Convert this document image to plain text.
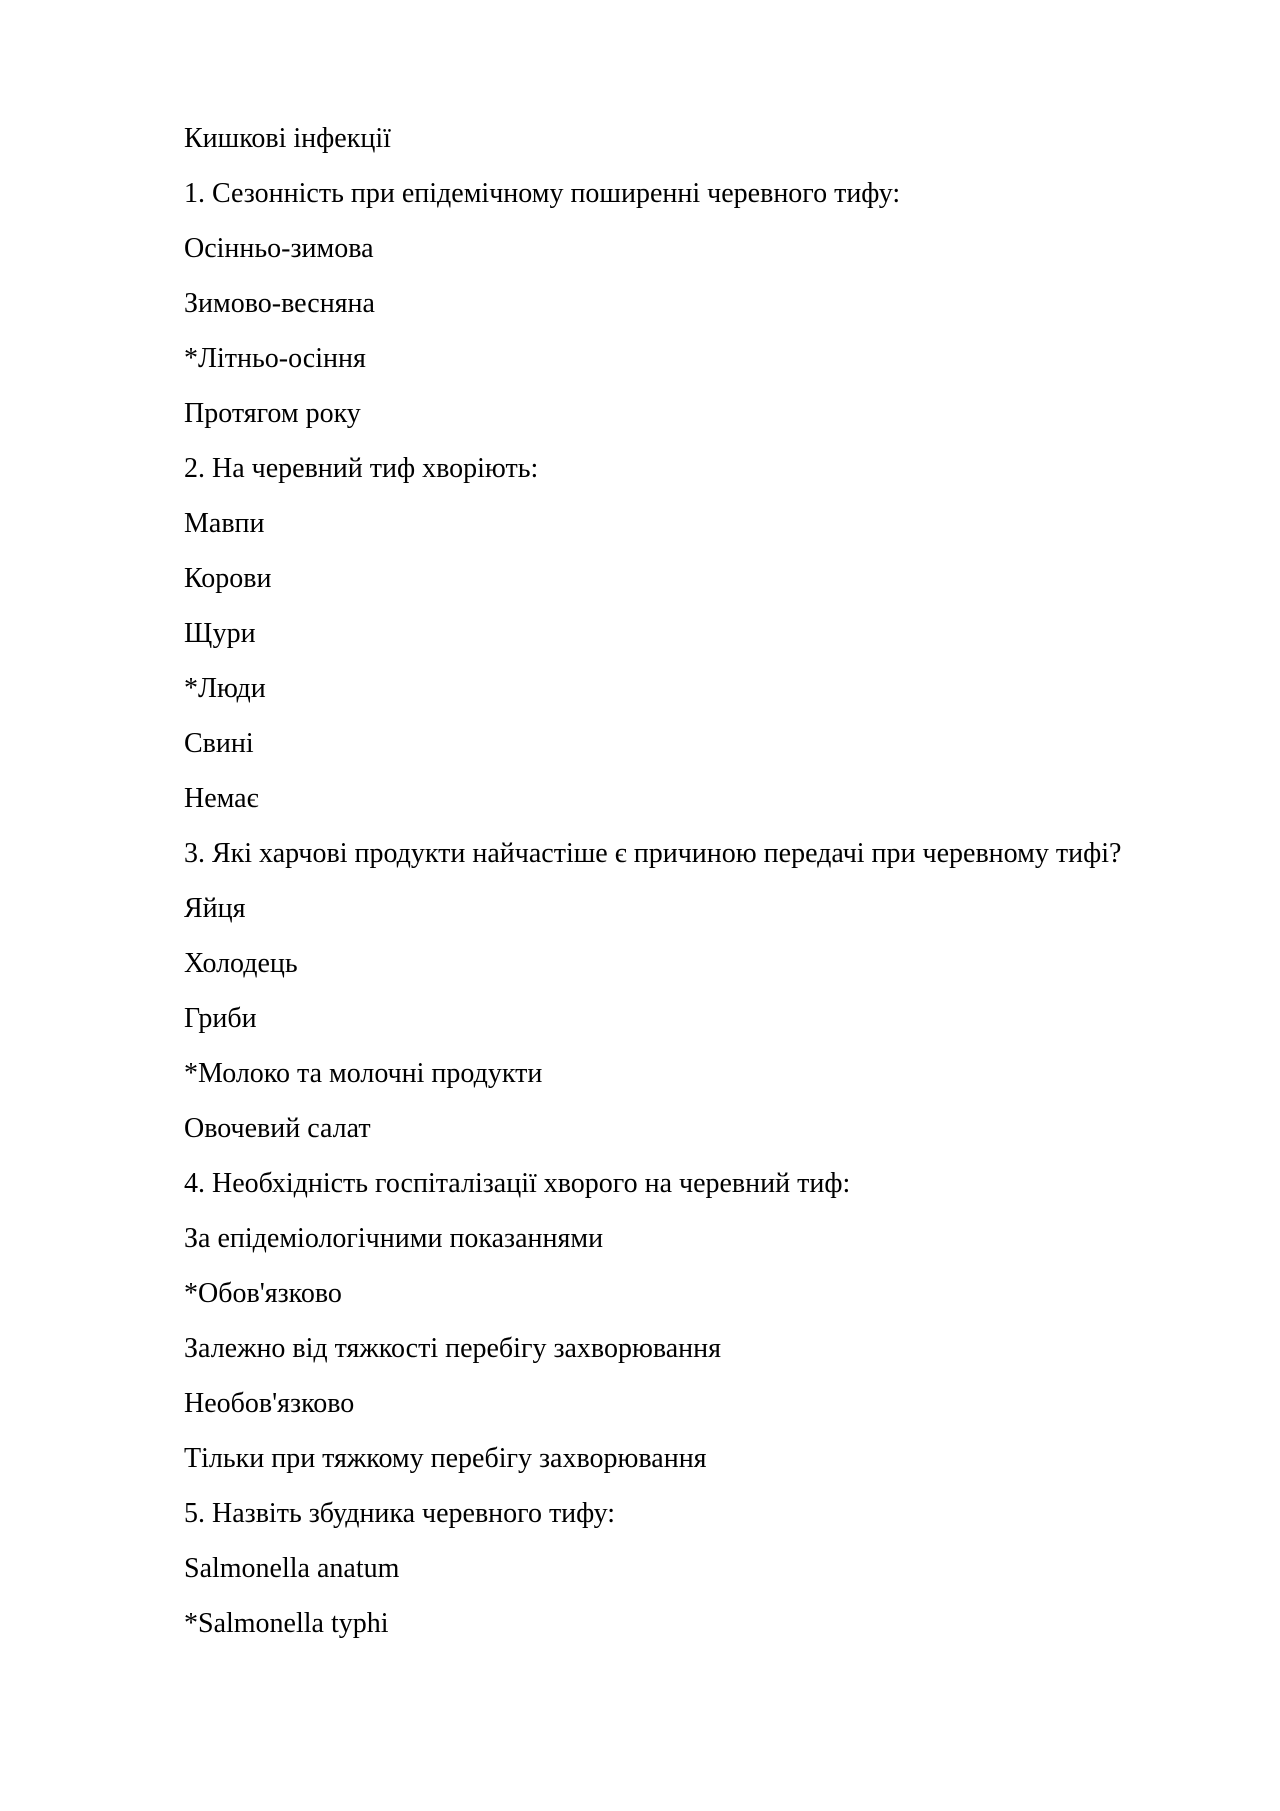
Кишкові інфекції

1. Сезонність при епідемічному поширенні черевного тифу:

Осінньо-зимова

Зимово-весняна

*Літньо-осіння

Протягом року

2. На черевний тиф хворіють:

Мавпи

Корови

Щури

*Люди

Свині

Немає

3. Які харчові продукти найчастіше є причиною передачі при черевному тифі?

Яйця

Холодець

Гриби

*Молоко та молочні продукти

Овочевий салат

4. Необхідність госпіталізації хворого на черевний тиф:

За епідеміологічними показаннями

*Обов'язково

Залежно від тяжкості перебігу захворювання

Необов'язково

Тільки при тяжкому перебігу захворювання

5. Назвіть збудника черевного тифу:

Salmonella anatum

*Salmonella typhi
